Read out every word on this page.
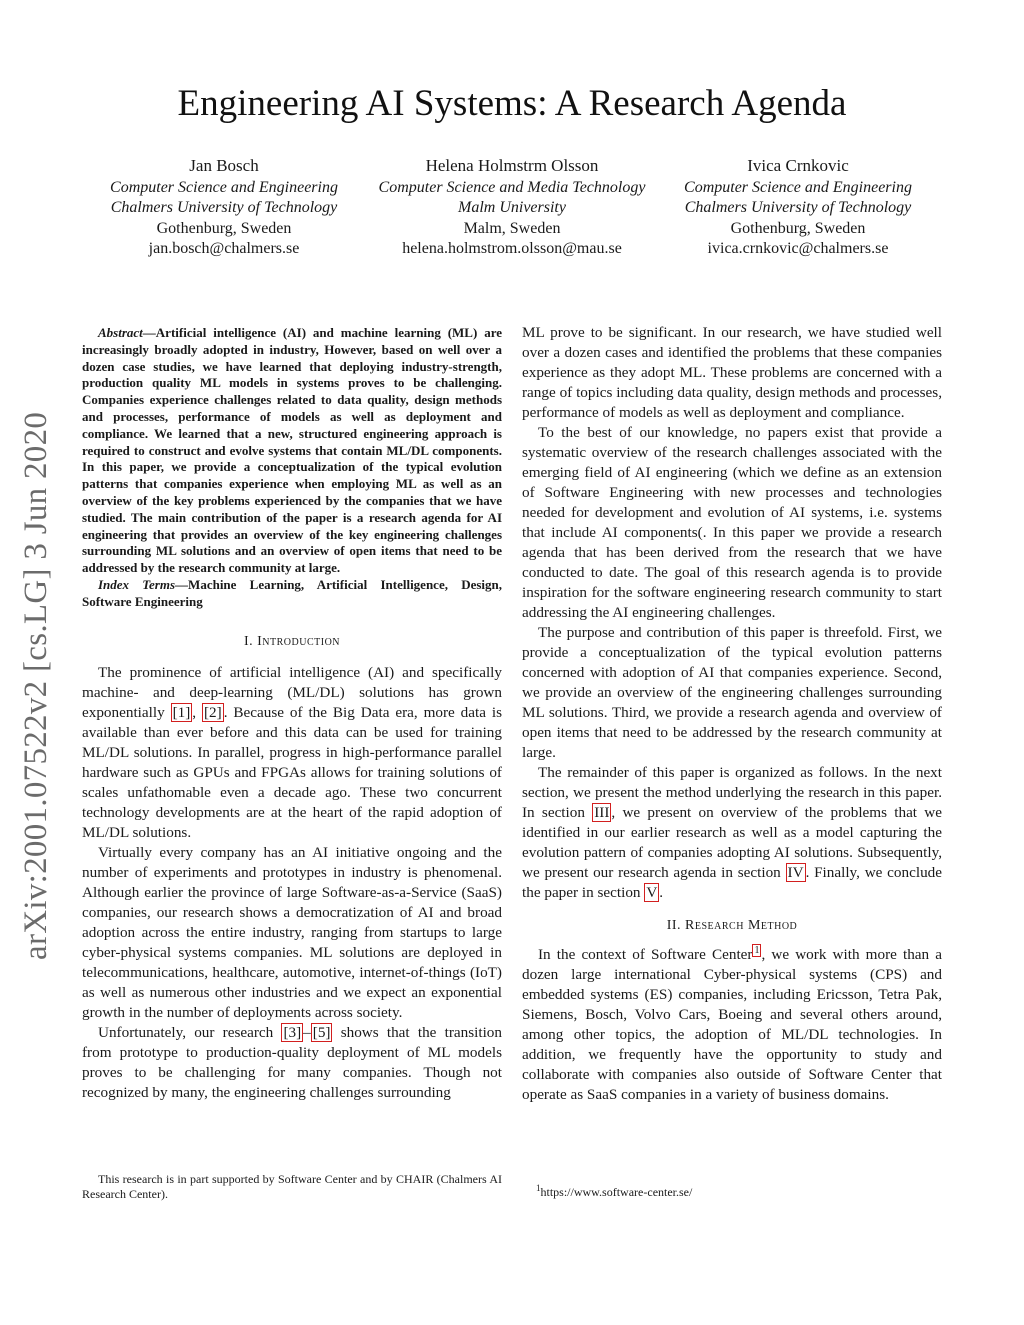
arXiv:2001.07522v2 [cs.LG] 3 Jun 2020
Engineering AI Systems: A Research Agenda
Jan Bosch
Computer Science and Engineering
Chalmers University of Technology
Gothenburg, Sweden
jan.bosch@chalmers.se
Helena Holmstrm Olsson
Computer Science and Media Technology
Malm University
Malm, Sweden
helena.holmstrom.olsson@mau.se
Ivica Crnkovic
Computer Science and Engineering
Chalmers University of Technology
Gothenburg, Sweden
ivica.crnkovic@chalmers.se

Abstract—Artificial intelligence (AI) and machine learning (ML) are increasingly broadly adopted in industry, However, based on well over a dozen case studies, we have learned that deploying industry-strength, production quality ML models in systems proves to be challenging. Companies experience challenges related to data quality, design methods and processes, performance of models as well as deployment and compliance. We learned that a new, structured engineering approach is required to construct and evolve systems that contain ML/DL components. In this paper, we provide a conceptualization of the typical evolution patterns that companies experience when employing ML as well as an overview of the key problems experienced by the companies that we have studied. The main contribution of the paper is a research agenda for AI engineering that provides an overview of the key engineering challenges surrounding ML solutions and an overview of open items that need to be addressed by the research community at large.

Index Terms—Machine Learning, Artificial Intelligence, Design, Software Engineering

I. Introduction

The prominence of artificial intelligence (AI) and specifically machine- and deep-learning (ML/DL) solutions has grown exponentially [1] , [2] . Because of the Big Data era, more data is available than ever before and this data can be used for training ML/DL solutions. In parallel, progress in high-performance parallel hardware such as GPUs and FPGAs allows for training solutions of scales unfathomable even a decade ago. These two concurrent technology developments are at the heart of the rapid adoption of ML/DL solutions.

Virtually every company has an AI initiative ongoing and the number of experiments and prototypes in industry is phenomenal. Although earlier the province of large Software-as-a-Service (SaaS) companies, our research shows a democratization of AI and broad adoption across the entire industry, ranging from startups to large cyber-physical systems companies. ML solutions are deployed in telecommunications, healthcare, automotive, internet-of-things (IoT) as well as numerous other industries and we expect an exponential growth in the number of deployments across society.

Unfortunately, our research [3] – [5] shows that the transition from prototype to production-quality deployment of ML models proves to be challenging for many companies. Though not recognized by many, the engineering challenges surrounding

ML prove to be significant. In our research, we have studied well over a dozen cases and identified the problems that these companies experience as they adopt ML. These problems are concerned with a range of topics including data quality, design methods and processes, performance of models as well as deployment and compliance.

To the best of our knowledge, no papers exist that provide a systematic overview of the research challenges associated with the emerging field of AI engineering (which we define as an extension of Software Engineering with new processes and technologies needed for development and evolution of AI systems, i.e. systems that include AI components(. In this paper we provide a research agenda that has been derived from the research that we have conducted to date. The goal of this research agenda is to provide inspiration for the software engineering research community to start addressing the AI engineering challenges.

The purpose and contribution of this paper is threefold. First, we provide a conceptualization of the typical evolution patterns concerned with adoption of AI that companies experience. Second, we provide an overview of the engineering challenges surrounding ML solutions. Third, we provide a research agenda and overview of open items that need to be addressed by the research community at large.

The remainder of this paper is organized as follows. In the next section, we present the method underlying the research in this paper. In section III , we present on overview of the problems that we identified in our earlier research as well as a model capturing the evolution pattern of companies adopting AI solutions. Subsequently, we present our research agenda in section IV . Finally, we conclude the paper in section V .

II. Research Method

In the context of Software Center $^1$ , we work with more than a dozen large international Cyber-physical systems (CPS) and embedded systems (ES) companies, including Ericsson, Tetra Pak, Siemens, Bosch, Volvo Cars, Boeing and several others around, among other topics, the adoption of ML/DL technologies. In addition, we frequently have the opportunity to study and collaborate with companies also outside of Software Center that operate as SaaS companies in a variety of business domains.

This research is in part supported by Software Center and by CHAIR (Chalmers AI Research Center).	$^1$https://www.software-center.se/
